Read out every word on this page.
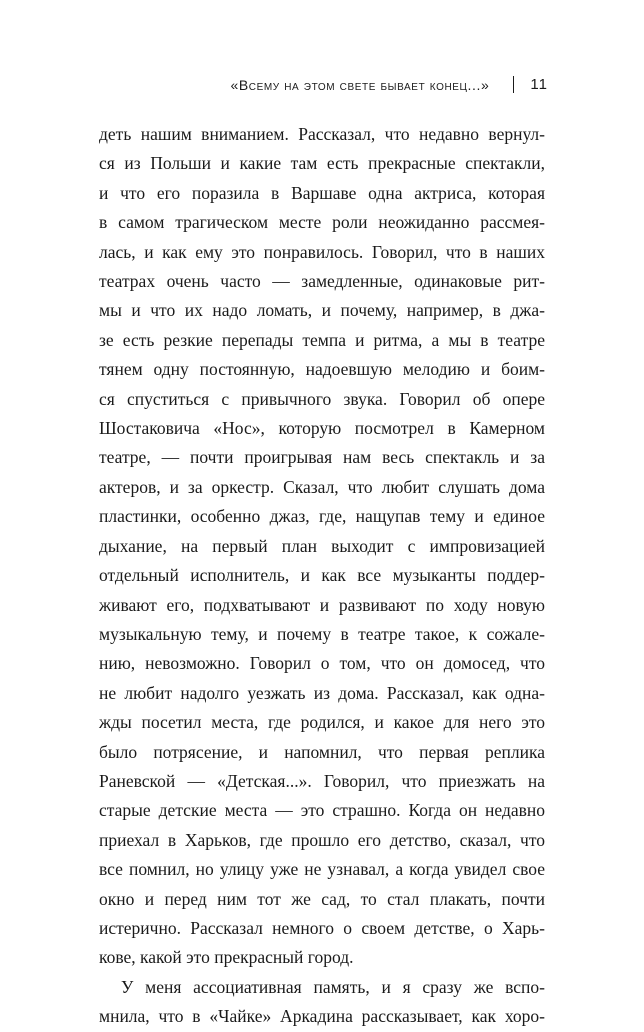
«Всему на этом свете бывает конец...»	11
деть нашим вниманием. Рассказал, что недавно вернул-
ся из Польши и какие там есть прекрасные спектакли,
и что его поразила в Варшаве одна актриса, которая
в самом трагическом месте роли неожиданно рассмея-
лась, и как ему это понравилось. Говорил, что в наших
театрах очень часто — замедленные, одинаковые рит-
мы и что их надо ломать, и почему, например, в джа-
зе есть резкие перепады темпа и ритма, а мы в театре
тянем одну постоянную, надоевшую мелодию и боим-
ся спуститься с привычного звука. Говорил об опере
Шостаковича «Нос», которую посмотрел в Камерном
театре, — почти проигрывая нам весь спектакль и за
актеров, и за оркестр. Сказал, что любит слушать дома
пластинки, особенно джаз, где, нащупав тему и единое
дыхание, на первый план выходит с импровизацией
отдельный исполнитель, и как все музыканты поддер-
живают его, подхватывают и развивают по ходу новую
музыкальную тему, и почему в театре такое, к сожале-
нию, невозможно. Говорил о том, что он домосед, что
не любит надолго уезжать из дома. Рассказал, как одна-
жды посетил места, где родился, и какое для него это
было потрясение, и напомнил, что первая реплика
Раневской — «Детская...». Говорил, что приезжать на
старые детские места — это страшно. Когда он недавно
приехал в Харьков, где прошло его детство, сказал, что
все помнил, но улицу уже не узнавал, а когда увидел свое
окно и перед ним тот же сад, то стал плакать, почти
истерично. Рассказал немного о своем детстве, о Харь-
кове, какой это прекрасный город.
У меня ассоциативная память, и я сразу же вспо-
мнила, что в «Чайке» Аркадина рассказывает, как хоро-
